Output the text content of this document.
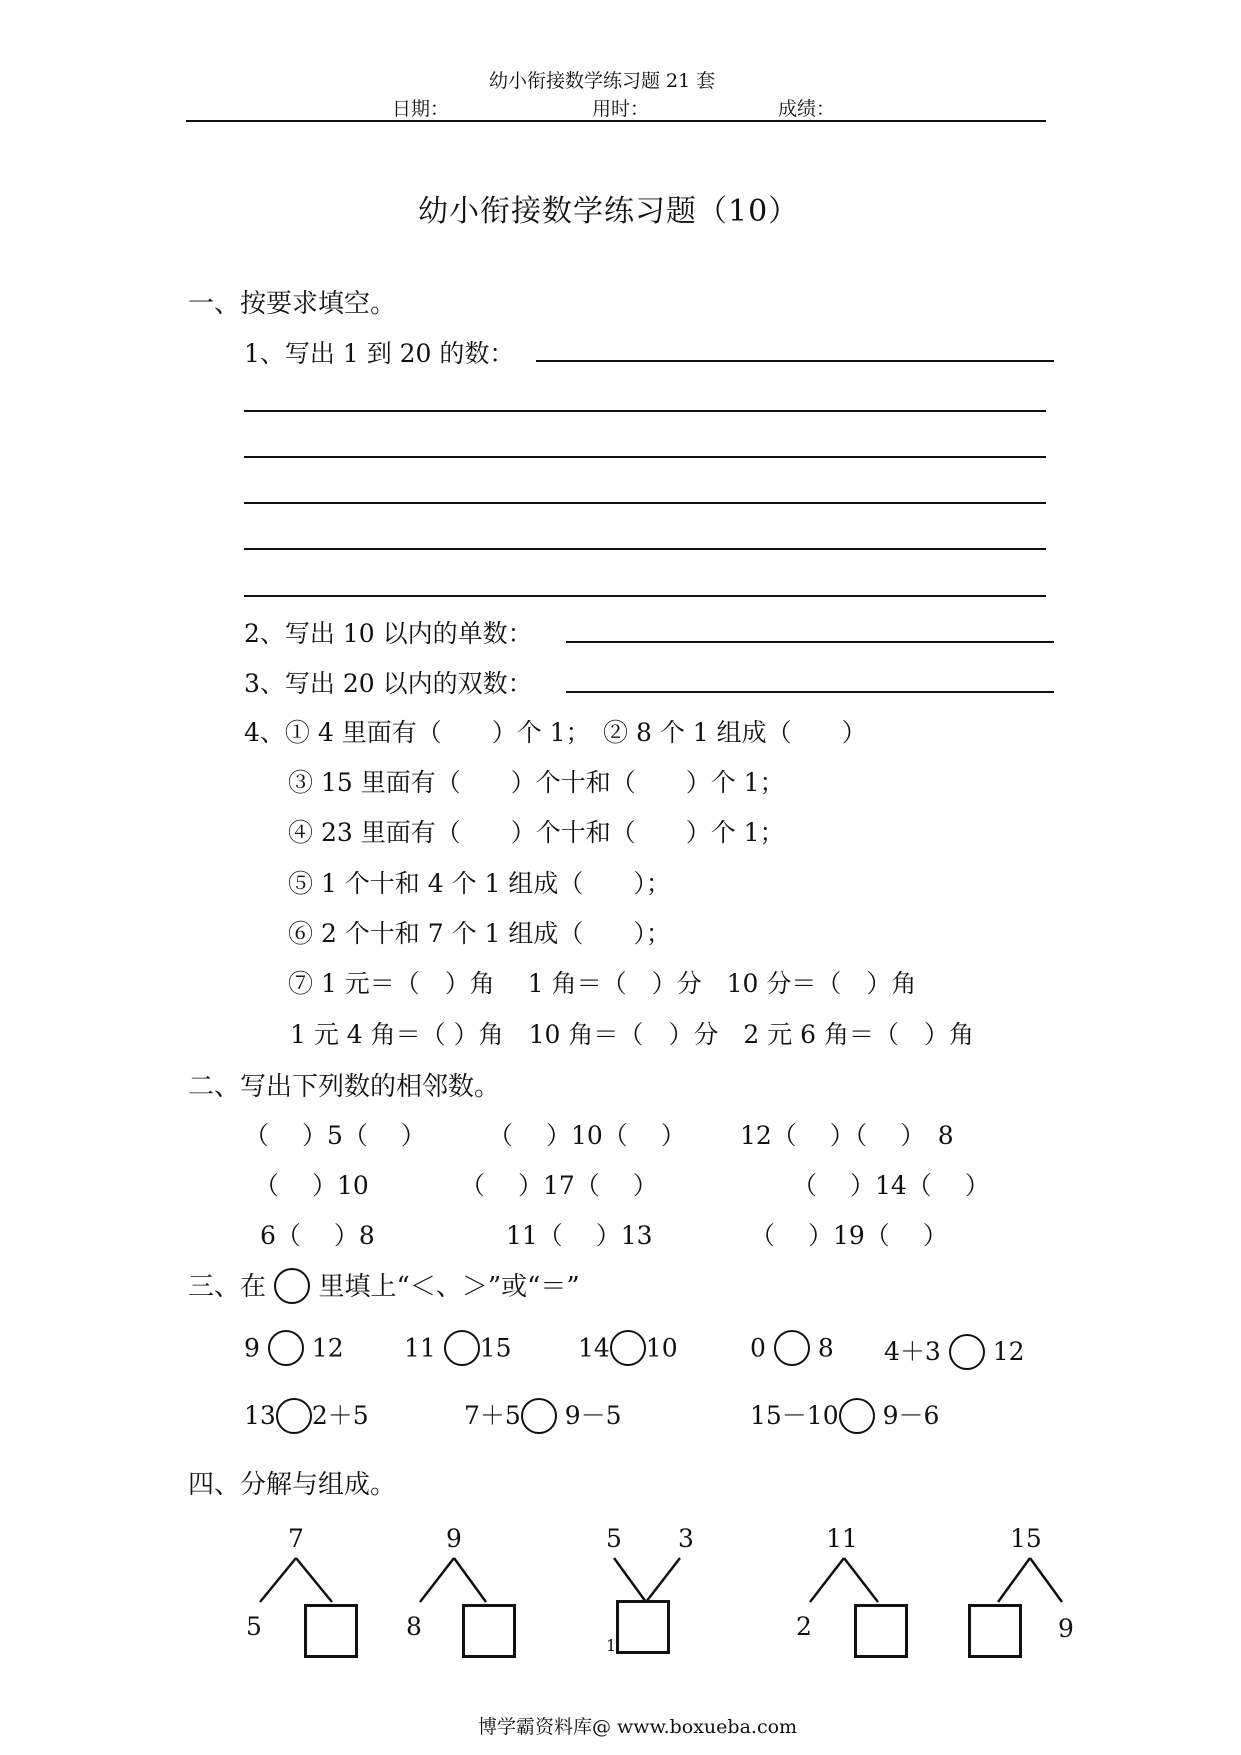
幼小衔接数学练习题 21 套
日期：	用时：	成绩：
幼小衔接数学练习题（10）
一、按要求填空。
1、写出 1 到 20 的数：
2、写出 10 以内的单数：
3、写出 20 以内的双数：
4、① 4 里面有（　　）个 1；　② 8 个 1 组成（　　）
③ 15 里面有（　　）个十和（　　）个 1；
④ 23 里面有（　　）个十和（　　）个 1；
⑤ 1 个十和 4 个 1 组成（　　）；
⑥ 2 个十和 7 个 1 组成（　　）；
⑦ 1 元＝（　）角　 1 角＝（　）分　10 分＝（　）角
1 元 4 角＝（ ）角　10 角＝（　）分　2 元 6 角＝（　）角
二、写出下列数的相邻数。
（　 ）5（　 ） （　 ）10（　 ） 12（　 ）（　 ）　8
（　 ）10	（　 ）17（　 ）	（　 ）14（　 ）
6（　 ）8	11（　 ）13	（　 ）19（　 ）
三、在 里填上“＜、＞”或“＝”
9 12 11 15	14 10	0 8 4＋3 12
13 2＋5	7＋5 9－5	15－10 9－6
四、分解与组成。
7
5
9
8
5 3	11
2
15
9
1
博学霸资料库@ www.boxueba.com
